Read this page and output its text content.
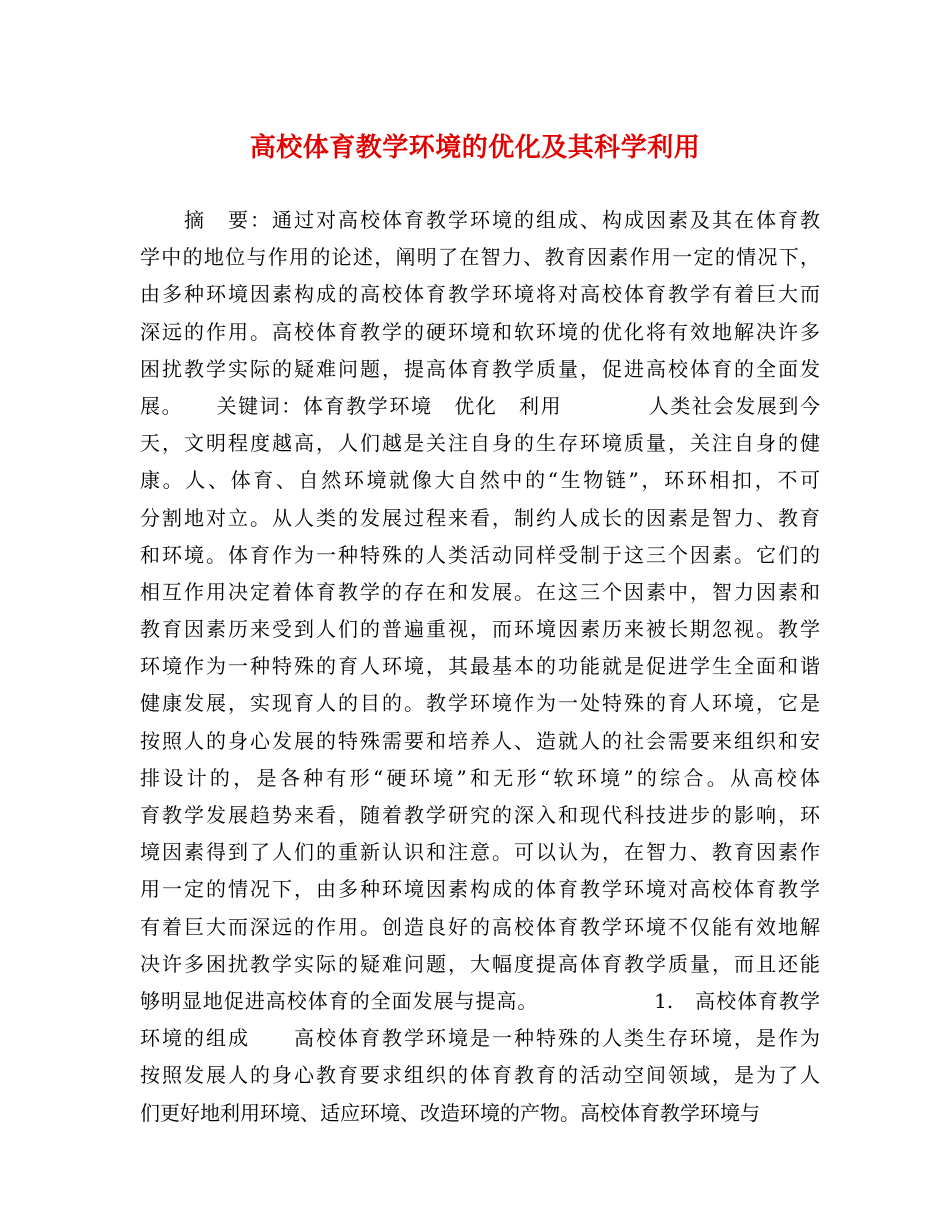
高校体育教学环境的优化及其科学利用
　　摘　要：通过对高校体育教学环境的组成、构成因素及其在体育教
学中的地位与作用的论述，阐明了在智力、教育因素作用一定的情况下，
由多种环境因素构成的高校体育教学环境将对高校体育教学有着巨大而
深远的作用。高校体育教学的硬环境和软环境的优化将有效地解决许多
困扰教学实际的疑难问题，提高体育教学质量，促进高校体育的全面发
展。　　关键词：体育教学环境　优化　利用　　　　人类社会发展到今
天，文明程度越高，人们越是关注自身的生存环境质量，关注自身的健
康。人、体育、自然环境就像大自然中的“生物链”，环环相扣，不可
分割地对立。从人类的发展过程来看，制约人成长的因素是智力、教育
和环境。体育作为一种特殊的人类活动同样受制于这三个因素。它们的
相互作用决定着体育教学的存在和发展。在这三个因素中，智力因素和
教育因素历来受到人们的普遍重视，而环境因素历来被长期忽视。教学
环境作为一种特殊的育人环境，其最基本的功能就是促进学生全面和谐
健康发展，实现育人的目的。教学环境作为一处特殊的育人环境，它是
按照人的身心发展的特殊需要和培养人、造就人的社会需要来组织和安
排设计的，是各种有形“硬环境”和无形“软环境”的综合。从高校体
育教学发展趋势来看，随着教学研究的深入和现代科技进步的影响，环
境因素得到了人们的重新认识和注意。可以认为，在智力、教育因素作
用一定的情况下，由多种环境因素构成的体育教学环境对高校体育教学
有着巨大而深远的作用。创造良好的高校体育教学环境不仅能有效地解
决许多困扰教学实际的疑难问题，大幅度提高体育教学质量，而且还能
够明显地促进高校体育的全面发展与提高。　　　　　　1.　高校体育教学
环境的组成　　高校体育教学环境是一种特殊的人类生存环境，是作为
按照发展人的身心教育要求组织的体育教育的活动空间领域，是为了人
们更好地利用环境、适应环境、改造环境的产物。高校体育教学环境与
